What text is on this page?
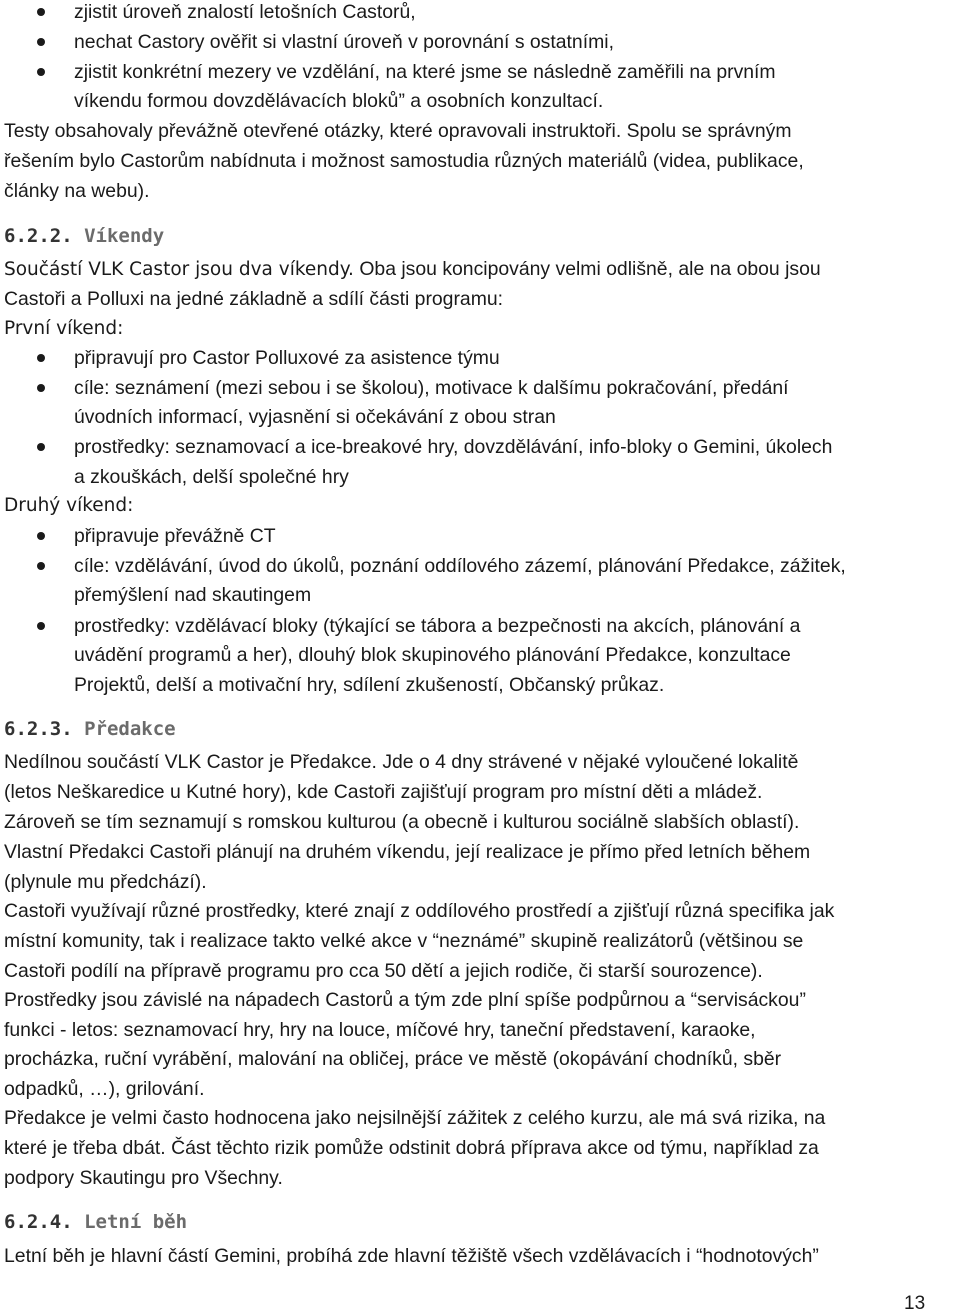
zjistit úroveň znalostí letošních Castorů,

nechat Castory ověřit si vlastní úroveň v porovnání s ostatními,

zjistit konkrétní mezery ve vzdělání, na které jsme se následně zaměřili na prvním

víkendu formou dovzdělávacích bloků” a osobních konzultací.

Testy obsahovaly převážně otevřené otázky, které opravovali instruktoři. Spolu se správným

řešením bylo Castorům nabídnuta i možnost samostudia různých materiálů (videa, publikace,

články na webu).

6.2.2. Víkendy

Součástí VLK Castor jsou dva víkendy. Oba jsou koncipovány velmi odlišně, ale na obou jsou

Castoři a Polluxi na jedné základně a sdílí části programu:

První víkend:

připravují pro Castor Polluxové za asistence týmu

cíle: seznámení (mezi sebou i se školou), motivace k dalšímu pokračování, předání

úvodních informací, vyjasnění si očekávání z obou stran

prostředky: seznamovací a ice-breakové hry, dovzdělávání, info-bloky o Gemini, úkolech

a zkouškách, delší společné hry

Druhý víkend:

připravuje převážně CT

cíle: vzdělávání, úvod do úkolů, poznání oddílového zázemí, plánování Předakce, zážitek,

přemýšlení nad skautingem

prostředky: vzdělávací bloky (týkající se tábora a bezpečnosti na akcích, plánování a

uvádění programů a her), dlouhý blok skupinového plánování Předakce, konzultace

Projektů, delší a motivační hry, sdílení zkušeností, Občanský průkaz.

6.2.3. Předakce

Nedílnou součástí VLK Castor je Předakce. Jde o 4 dny strávené v nějaké vyloučené lokalitě

(letos Neškaredice u Kutné hory), kde Castoři zajišťují program pro místní děti a mládež.

Zároveň se tím seznamují s romskou kulturou (a obecně i kulturou sociálně slabších oblastí).

Vlastní Předakci Castoři plánují na druhém víkendu, její realizace je přímo před letních během

(plynule mu předchází).

Castoři využívají různé prostředky, které znají z oddílového prostředí a zjišťují různá specifika jak

místní komunity, tak i realizace takto velké akce v “neznámé” skupině realizátorů (většinou se

Castoři podílí na přípravě programu pro cca 50 dětí a jejich rodiče, či starší sourozence).

Prostředky jsou závislé na nápadech Castorů a tým zde plní spíše podpůrnou a “servisáckou”

funkci - letos: seznamovací hry, hry na louce, míčové hry, taneční představení, karaoke,

procházka, ruční vyrábění, malování na obličej, práce ve městě (okopávání chodníků, sběr

odpadků, …), grilování.

Předakce je velmi často hodnocena jako nejsilnější zážitek z celého kurzu, ale má svá rizika, na

které je třeba dbát. Část těchto rizik pomůže odstinit dobrá příprava akce od týmu, například za

podpory Skautingu pro Všechny.

6.2.4. Letní běh

Letní běh je hlavní částí Gemini, probíhá zde hlavní těžiště všech vzdělávacích i “hodnotových”

13
